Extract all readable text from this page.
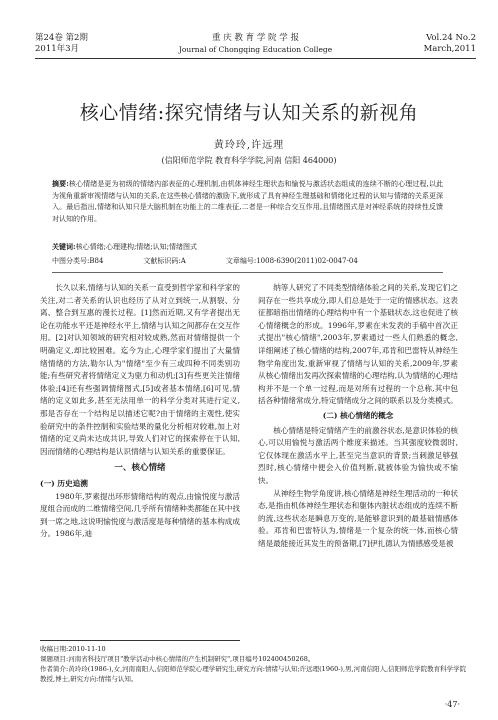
第24卷 第2期	重 庆 教 育 学 院 学 报	Vol.24 No.2
2011年3月	Journal of Chongqing Education College	March,2011
核心情绪:探究情绪与认知关系的新视角
黄玲玲,许远理
(信阳师范学院 教育科学学院,河南 信阳 464000)
摘要:核心情绪是更为初级的情绪内部表征的心理机制,由机体神经生理状态和愉悦与激活状态组成的连续不断的心理过程,以此为视角重新审视情绪与认知的关系,在这些核心情绪的激励下,就形成了具有神经生理基础和情绪化过程的认知与情绪的关系更深入。最后指出,情绪和认知只是大脑机制在功能上的二维表征,二者是一种综合交互作用,且情绪图式是对神经系统的持续性反馈对认知的作用。
关键词:核心情绪;心理建构;情绪;认知;情绪图式
中图分类号:B84	文献标识码:A	文章编号:1008-6390(2011)02-0047-04

长久以来,情绪与认知的关系一直受到哲学家和科学家的关注,对二者关系的认识也经历了从对立到统一,从割裂、分离、整合到互惠的漫长过程。[1]然而近期,又有学者提出无论在功能水平还是神经水平上,情绪与认知之间都存在交互作用。[2]对认知领域的研究相对较成熟,然而对情绪提供一个明确定义,却比较困难。迄今为止,心理学家们提出了大量情绪情绪的方法,勒尔认为"情绪"至少有三或四种不同类别功能;有些研究者将情绪定义为驱力和动机;[3]有些更关注情绪体验;[4]还有些强调情绪图式,[5]或者基本情绪,[6]可见,情绪的定义如此多,甚至无法用单一的科学分类对其进行定义,那是否存在一个结构足以描述它呢?由于情绪的主观性,使实验研究中的条件控制和实验结果的量化分析相对较难,加上对情绪的定义尚未达成共识,导致人们对它的探索停在于认知,因而情绪的心理结构是认识情绪与认知关系的重要保证。

一、核心情绪

(一) 历史追溯

1980年,罗素提出环形情绪结构的观点,由愉悦度与激活度组合而成的二维情绪空间,几乎所有情绪种类都能在其中找到一席之地,这说明愉悦度与激活度是每种情绪的基本构成成分。1986年,迪

纳等人研究了不同类型情绪体验之间的关系,发现它们之间存在一些共享成分,即人们总是处于一定的情感状态。这表征都暗指出情绪的心理结构中有一个基础状态,这也促进了核心情绪概念的形成。1996年,罗素在未发表的手稿中首次正式提出"核心情绪",2003年,罗素通过一些人们熟悉的概念,详细阐述了核心情绪的结构,2007年,邓肯和巴雷特从神经生物学角度出发,重新审视了情绪与认知的关系,2009年,罗素从核心情绪出发再次探索情绪的心理结构,认为情绪的心理结构并不是一个单一过程,而是对所有过程的一个总称,其中包括各种情绪常成分,特定情绪成分之间的联系以及分类模式。

(二) 核心情绪的概念

核心情绪是特定情绪产生的前激谷状态,是意识体验的核心,可以用愉悦与激活两个维度来描述。当其强度较微弱时,它仅体现在激活水平上,甚至完当意识的背景;当刺激足够强烈时,核心情绪中便会入价值判断,就被体验为愉快或不愉快。

从神经生物学角度讲,核心情绪是神经生理活动的一种状态,是指由机体神经生理状态和躯体内脏状态组成的连续不断的流,这些状态是瞬息万变的,是能够意识到的最基础情感体验。邓肯和巴雷特认为,情绪是一个复杂的统一体,而核心情绪是最能接近其发生的预备期,[7]伊扎德认为情感感受是被

收稿日期:2010-11-10
课题项目:河南省科技厅项目"教学活动中核心情绪的产生机制研究",项目编号102400450268。
作者简介:黄玲玲(1986-),女,河南南阳人,信阳师范学院心理学研究生,研究方向:情绪与认知;许远理(1960-),男,河南信阳人,信阳师范学院教育科学学院教授,博士,研究方向:情绪与认知。
·47·
